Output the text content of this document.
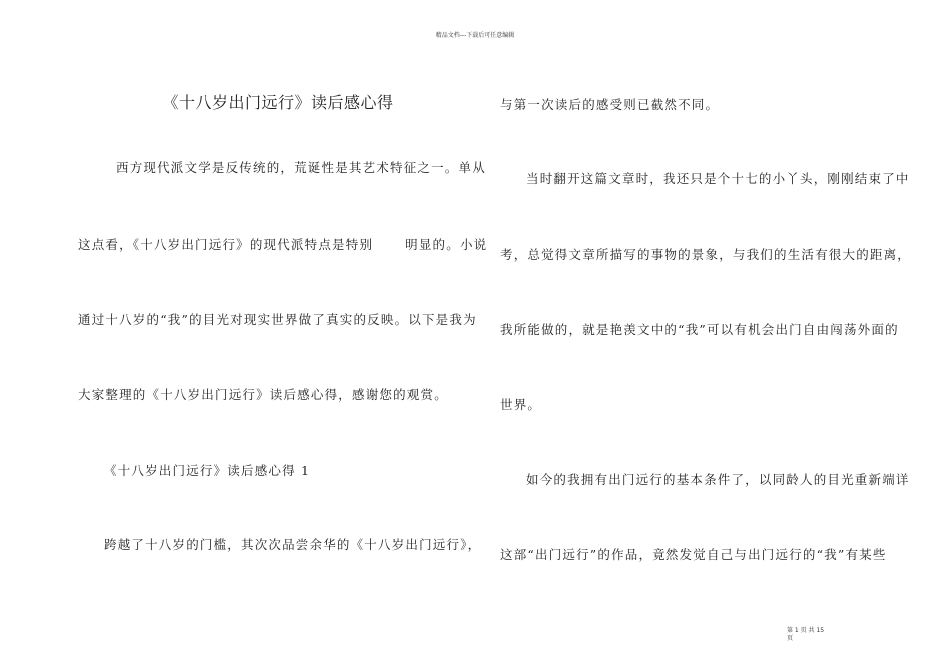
精品文档---下载后可任意编辑
《十八岁出门远行》读后感心得
西方现代派文学是反传统的，荒诞性是其艺术特征之一。单从
这点看，《十八岁出门远行》的现代派特点是特别	明显的。小说
通过十八岁的“我”的目光对现实世界做了真实的反映。以下是我为
大家整理的《十八岁出门远行》读后感心得，感谢您的观赏。
《十八岁出门远行》读后感心得 1
跨越了十八岁的门槛，其次次品尝余华的《十八岁出门远行》，
与第一次读后的感受则已截然不同。
当时翻开这篇文章时，我还只是个十七的小丫头，刚刚结束了中
考，总觉得文章所描写的事物的景象，与我们的生活有很大的距离，
我所能做的，就是艳羡文中的“我”可以有机会出门自由闯荡外面的
世界。
如今的我拥有出门远行的基本条件了，以同龄人的目光重新端详
这部“出门远行”的作品，竟然发觉自己与出门远行的“我”有某些
第 1 页 共 15
页
